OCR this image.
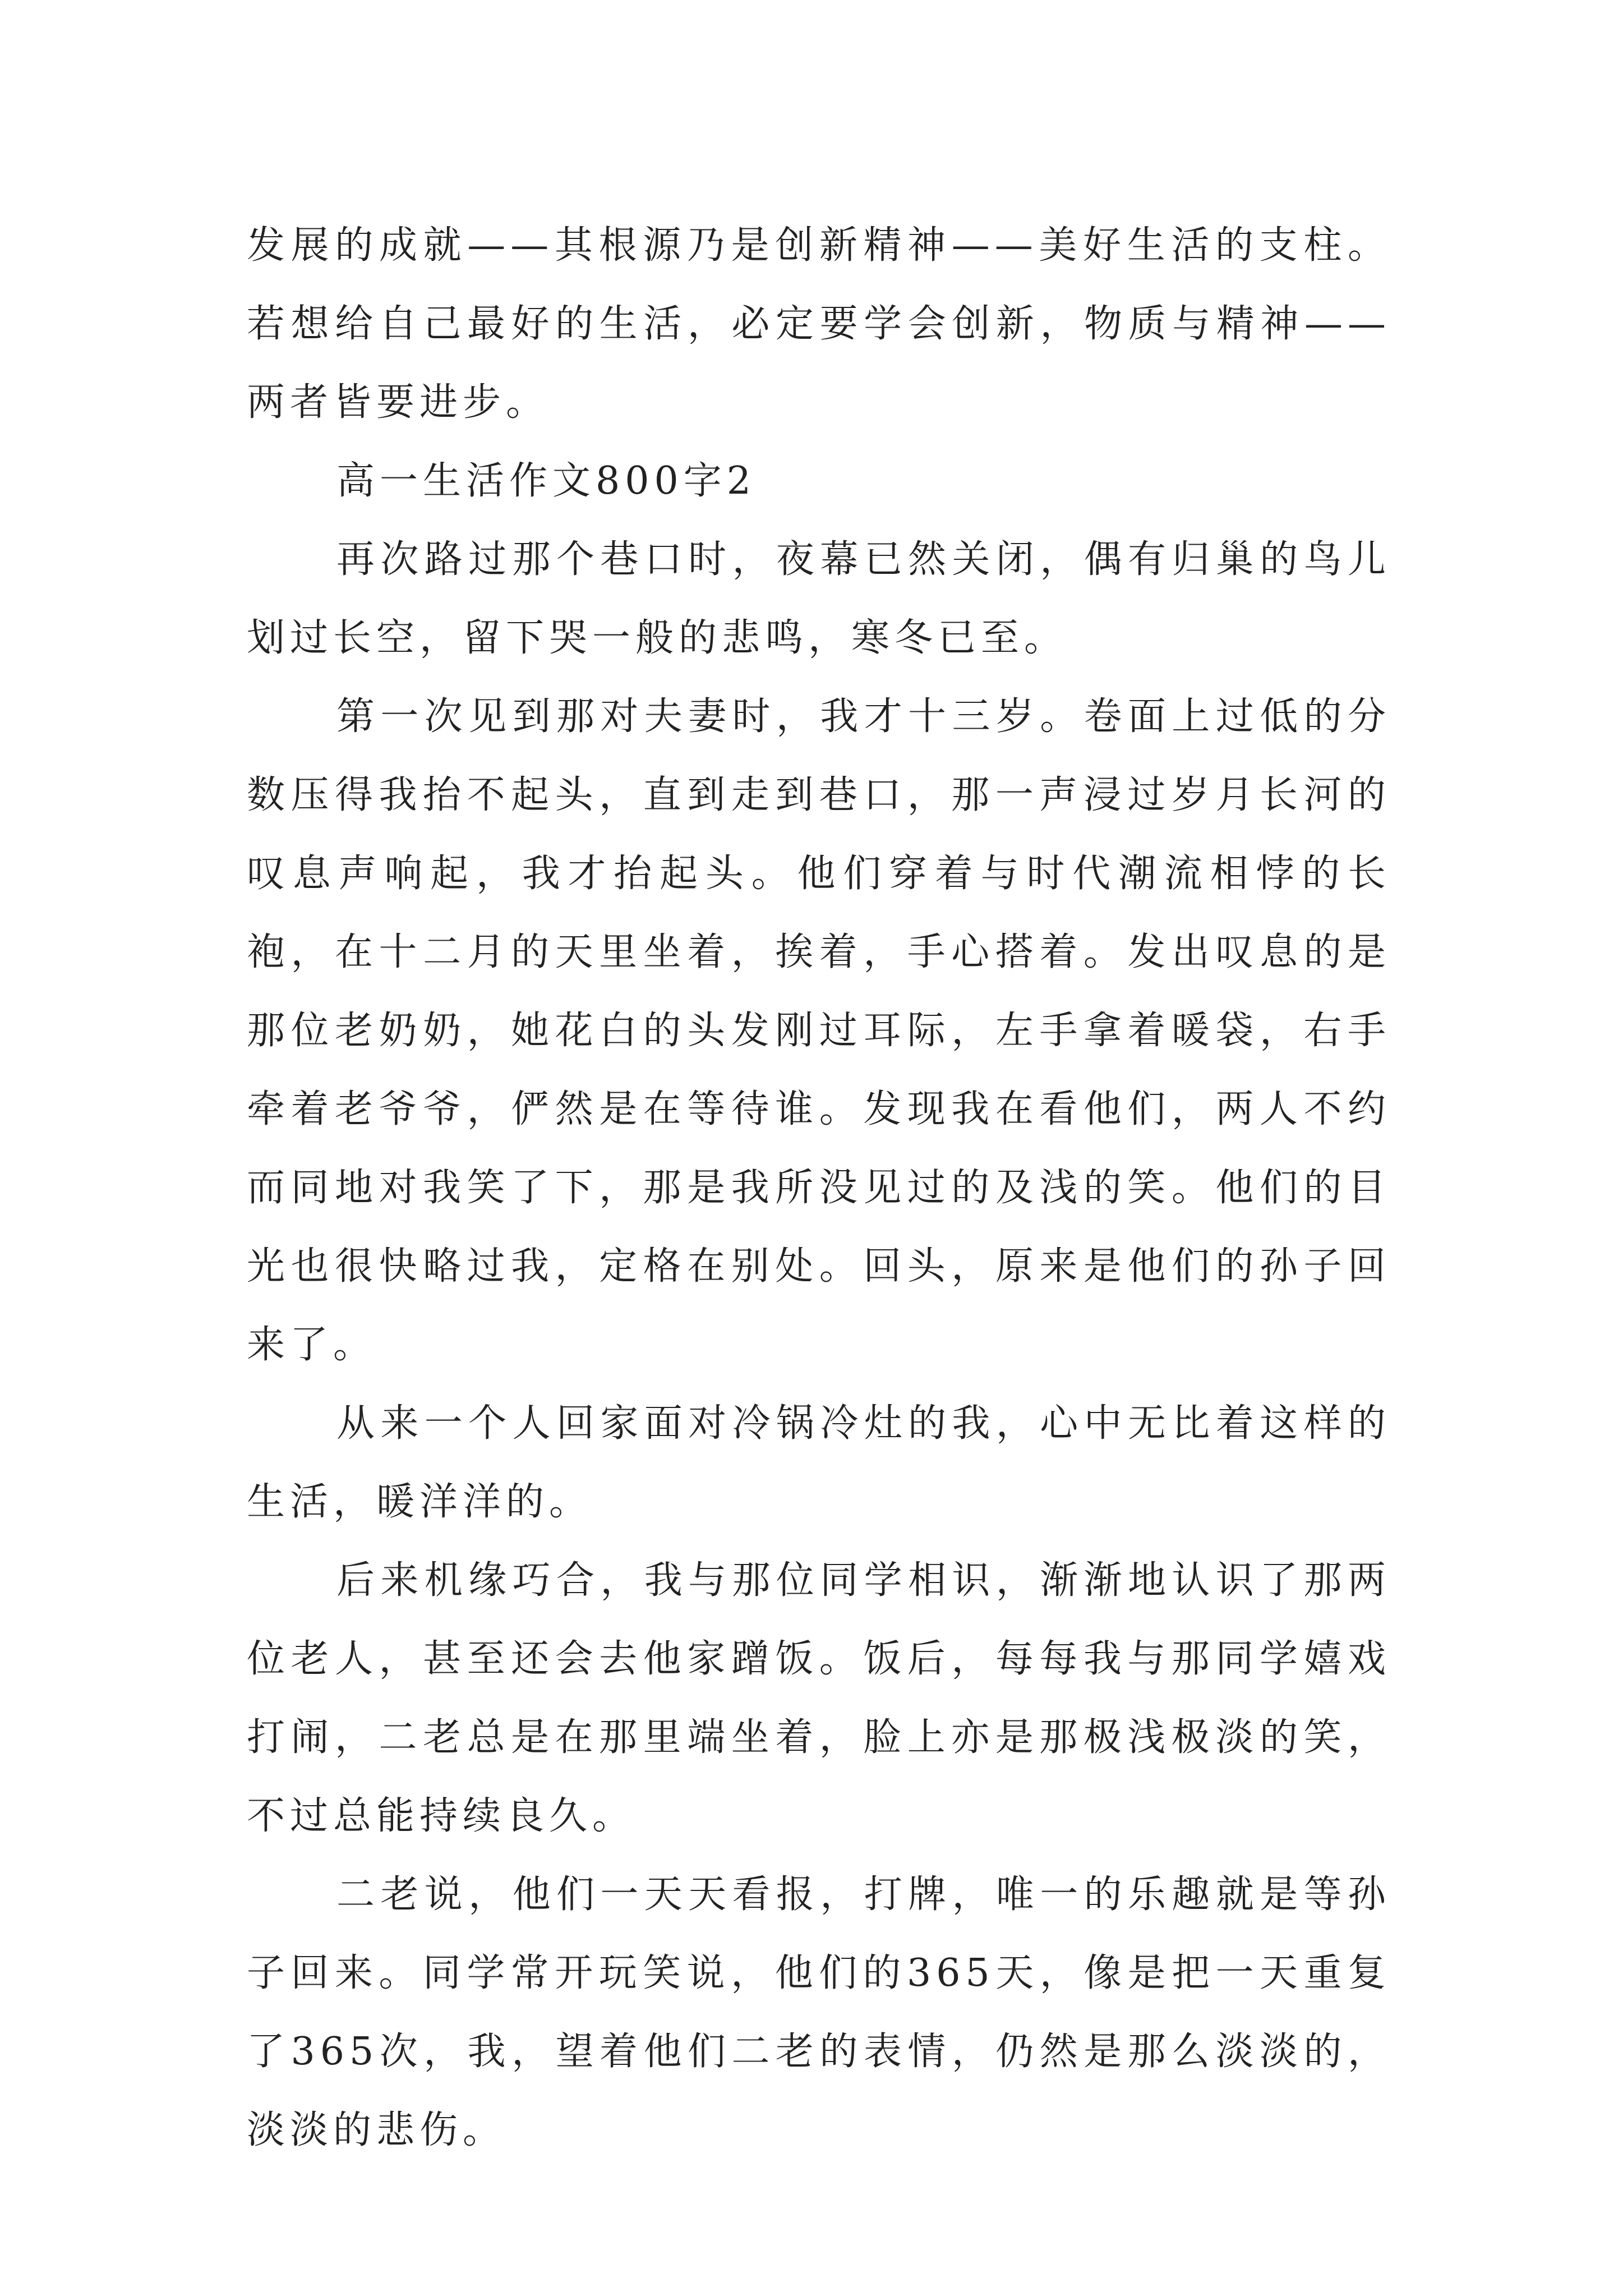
发展的成就——其根源乃是创新精神——美好生活的支柱。若想给自己最好的生活，必定要学会创新，物质与精神——两者皆要进步。

高一生活作文800字2

再次路过那个巷口时，夜幕已然关闭，偶有归巢的鸟儿划过长空，留下哭一般的悲鸣，寒冬已至。

第一次见到那对夫妻时，我才十三岁。卷面上过低的分数压得我抬不起头，直到走到巷口，那一声浸过岁月长河的叹息声响起，我才抬起头。他们穿着与时代潮流相悖的长袍，在十二月的天里坐着，挨着，手心搭着。发出叹息的是那位老奶奶，她花白的头发刚过耳际，左手拿着暖袋，右手牵着老爷爷，俨然是在等待谁。发现我在看他们，两人不约而同地对我笑了下，那是我所没见过的及浅的笑。他们的目光也很快略过我，定格在别处。回头，原来是他们的孙子回来了。

从来一个人回家面对冷锅冷灶的我，心中无比着这样的生活，暖洋洋的。

后来机缘巧合，我与那位同学相识，渐渐地认识了那两位老人，甚至还会去他家蹭饭。饭后，每每我与那同学嬉戏打闹，二老总是在那里端坐着，脸上亦是那极浅极淡的笑，不过总能持续良久。

二老说，他们一天天看报，打牌，唯一的乐趣就是等孙子回来。同学常开玩笑说，他们的365天，像是把一天重复了365次，我，望着他们二老的表情，仍然是那么淡淡的，淡淡的悲伤。
